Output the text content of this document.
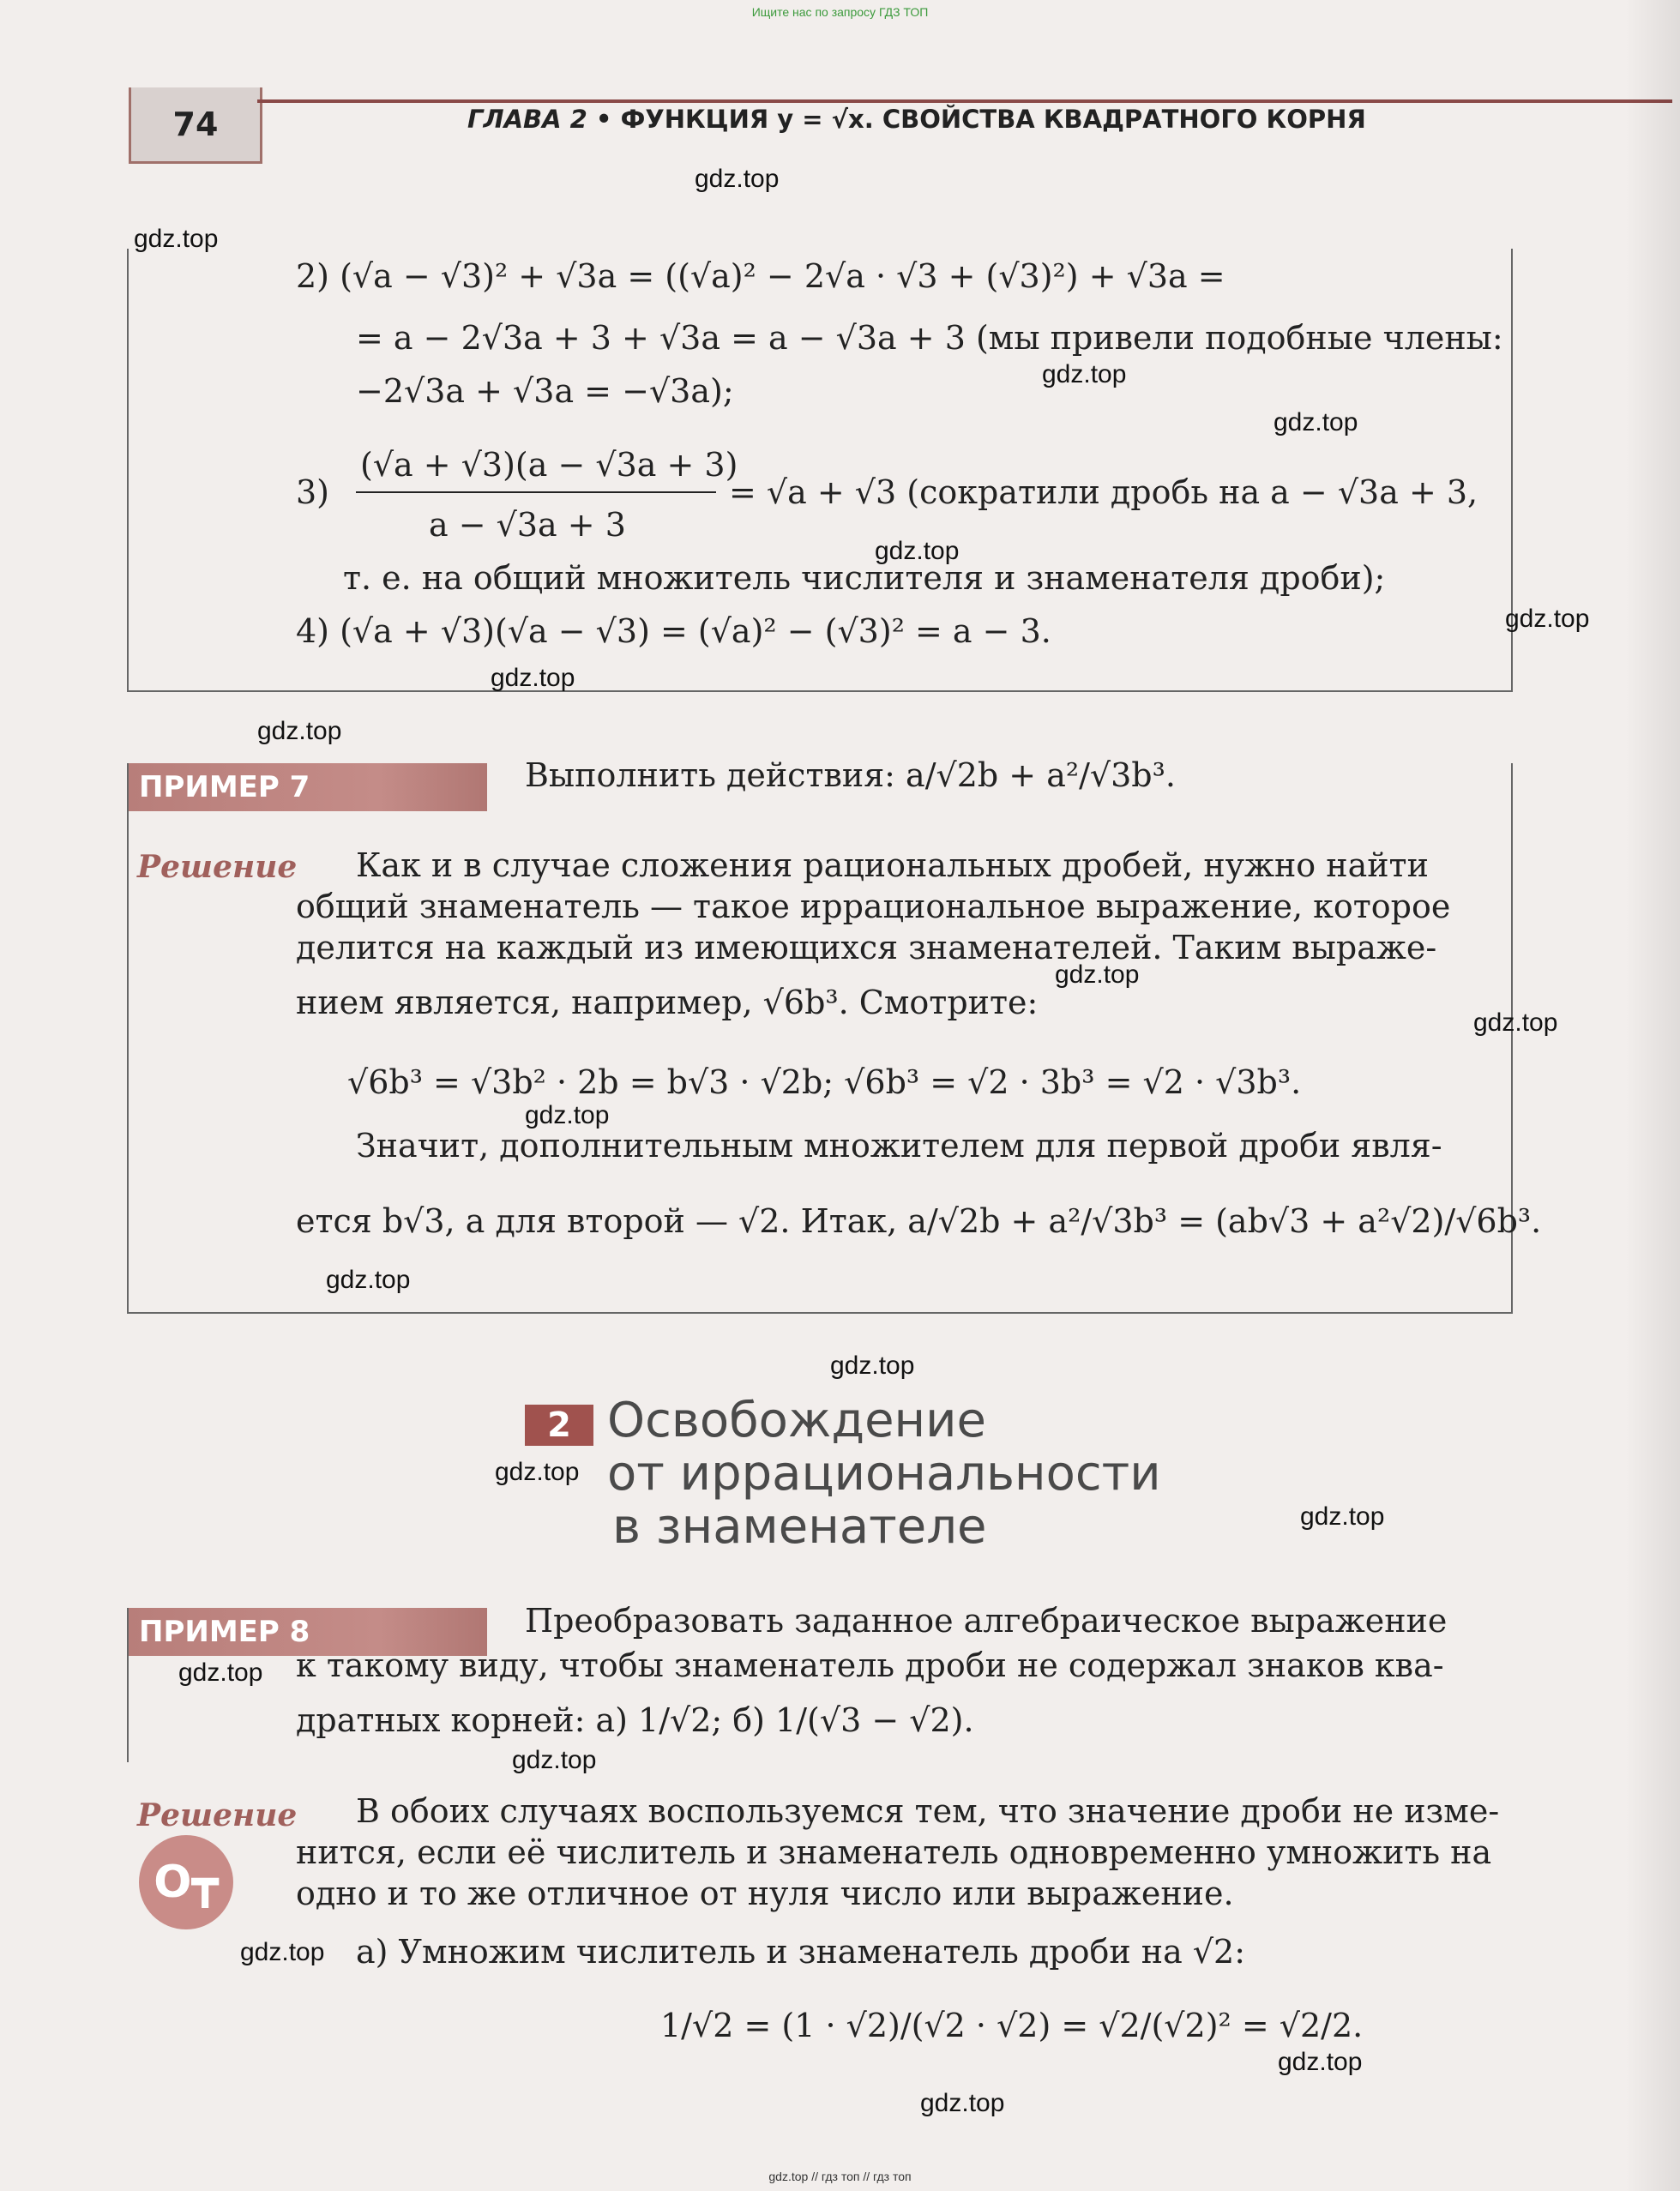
Ищите нас по запросу ГДЗ ТОП
74	ГЛАВА 2 • ФУНКЦИЯ y = √x. СВОЙСТВА КВАДРАТНОГО КОРНЯ
2) (√a − √3)² + √3a = ((√a)² − 2√a · √3 + (√3)²) + √3a =
= a − 2√3a + 3 + √3a = a − √3a + 3 (мы привели подобные члены:
−2√3a + √3a = −√3a);
3)
(√a + √3)(a − √3a + 3)
a − √3a + 3
= √a + √3 (сократили дробь на a − √3a + 3,
т. е. на общий множитель числителя и знаменателя дроби);
4) (√a + √3)(√a − √3) = (√a)² − (√3)² = a − 3.
ПРИМЕР 7	Выполнить действия: a/√2b + a²/√3b³.
Решение Как и в случае сложения рациональных дробей, нужно найти
общий знаменатель — такое иррациональное выражение, которое
делится на каждый из имеющихся знаменателей. Таким выраже-
нием является, например, √6b³. Смотрите:
√6b³ = √3b² · 2b = b√3 · √2b; √6b³ = √2 · 3b³ = √2 · √3b³.
Значит, дополнительным множителем для первой дроби явля-
ется b√3, а для второй — √2. Итак, a/√2b + a²/√3b³ = (ab√3 + a²√2)/√6b³.
2 Освобождение
от иррациональности
в знаменателе
ПРИМЕР 8	Преобразовать заданное алгебраическое выражение
к такому виду, чтобы знаменатель дроби не содержал знаков ква-
дратных корней: а) 1/√2; б) 1/(√3 − √2).
Решение
O┳
В обоих случаях воспользуемся тем, что значение дроби не изме-
нится, если её числитель и знаменатель одновременно умножить на
одно и то же отличное от нуля число или выражение.
а) Умножим числитель и знаменатель дроби на √2:
1/√2 = (1 · √2)/(√2 · √2) = √2/(√2)² = √2/2.
gdz.top
gdz.top
gdz.top
gdz.top
gdz.top
gdz.top
gdz.top
gdz.top
gdz.top
gdz.top
gdz.top
gdz.top
gdz.top
gdz.top
gdz.top
gdz.top
gdz.top
gdz.top
gdz.top
gdz.top
gdz.top // гдз топ // гдз топ
